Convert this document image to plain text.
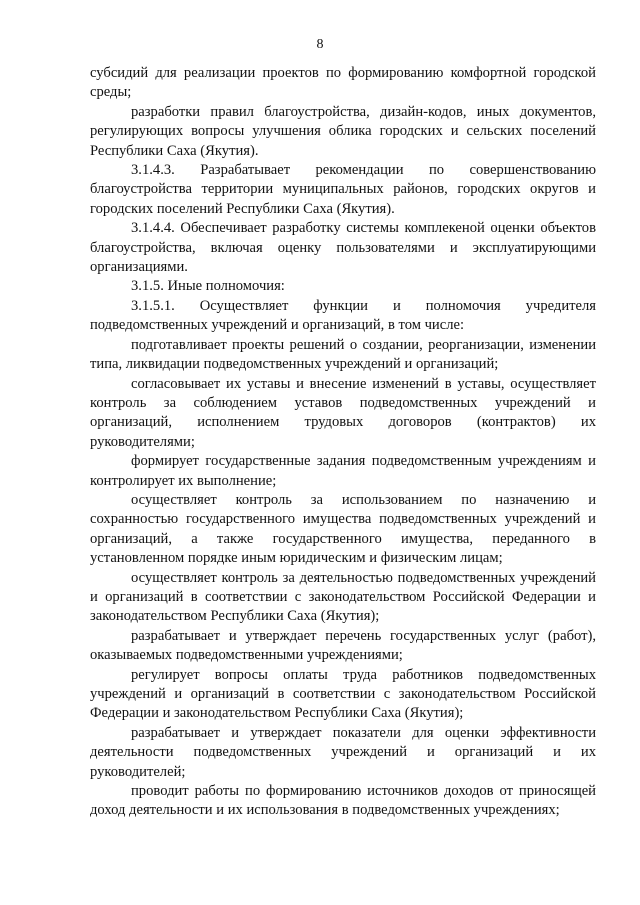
8

субсидий для реализации проектов по формированию комфортной городской среды;

разработки правил благоустройства, дизайн-кодов, иных документов, регулирующих вопросы улучшения облика городских и сельских поселений Республики Саха (Якутия).

3.1.4.3. Разрабатывает рекомендации по совершенствованию благоустройства территории муниципальных районов, городских округов и городских поселений Республики Саха (Якутия).

3.1.4.4. Обеспечивает разработку системы комплекеной оценки объектов благоустройства, включая оценку пользователями и эксплуатирующими организациями.

3.1.5. Иные полномочия:

3.1.5.1. Осуществляет функции и полномочия учредителя подведомственных учреждений и организаций, в том числе:

подготавливает проекты решений о создании, реорганизации, изменении типа, ликвидации подведомственных учреждений и организаций;

согласовывает их уставы и внесение изменений в уставы, осуществляет контроль за соблюдением уставов подведомственных учреждений и организаций, исполнением трудовых договоров (контрактов) их руководителями;

формирует государственные задания подведомственным учреждениям и контролирует их выполнение;

осуществляет контроль за использованием по назначению и сохранностью государственного имущества подведомственных учреждений и организаций, а также государственного имущества, переданного в установленном порядке иным юридическим и физическим лицам;

осуществляет контроль за деятельностью подведомственных учреждений и организаций в соответствии с законодательством Российской Федерации и законодательством Республики Саха (Якутия);

разрабатывает и утверждает перечень государственных услуг (работ), оказываемых подведомственными учреждениями;

регулирует вопросы оплаты труда работников подведомственных учреждений и организаций в соответствии с законодательством Российской Федерации и законодательством Республики Саха (Якутия);

разрабатывает и утверждает показатели для оценки эффективности деятельности подведомственных учреждений и организаций и их руководителей;

проводит работы по формированию источников доходов от приносящей доход деятельности и их использования в подведомственных учреждениях;
